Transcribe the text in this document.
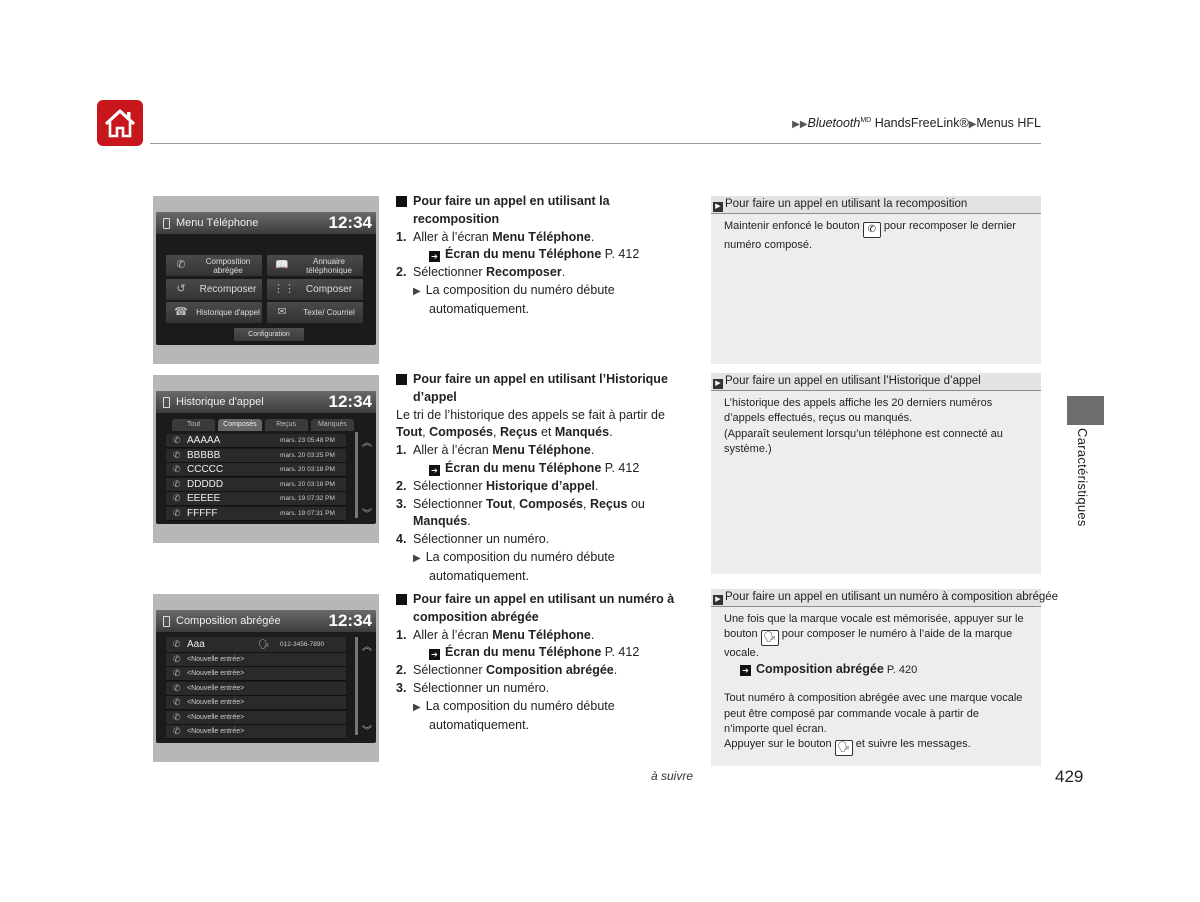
▶▶Bluetooth$^{MD}$ HandsFreeLink®▶Menus HFL
Caractéristiques
Menu Téléphone	12:34
✆	Composition abrégée	📖	Annuaire téléphonique
↺	Recomposer	⋮⋮	Composer
☎ Historique d'appel	✉	Texte/ Courriel
Configuration
Historique d'appel	12:34
Tout	Composés	Reçus	Manqués
✆ AAAAA	mars. 23 05:48 PM
✆ BBBBB	mars. 20 03:25 PM
✆ CCCCC	mars. 20 03:18 PM
✆ DDDDD	mars. 20 03:18 PM
✆ EEEEE	mars. 19 07:32 PM
✆ FFFFF	mars. 19 07:31 PM
︽
︾
Composition abrégée	12:34
✆ Aaa	🗣 012-3456-7890
✆ <Nouvelle entrée>
✆ <Nouvelle entrée>
✆ <Nouvelle entrée>
✆ <Nouvelle entrée>
✆ <Nouvelle entrée>
✆ <Nouvelle entrée>
︽
︾
Pour faire un appel en utilisant la recomposition
1. Aller à l’écran Menu Téléphone.
➔ Écran du menu Téléphone P. 412
2. Sélectionner Recomposer.
▶ La composition du numéro débute
automatiquement.
Pour faire un appel en utilisant l’Historique
d’appel
Le tri de l’historique des appels se fait à partir de
Tout, Composés, Reçus et Manqués.
1. Aller à l’écran Menu Téléphone.
➔ Écran du menu Téléphone P. 412
2. Sélectionner Historique d’appel.
3. Sélectionner Tout, Composés, Reçus ou
Manqués.
4. Sélectionner un numéro.
▶ La composition du numéro débute
automatiquement.
Pour faire un appel en utilisant un numéro à
composition abrégée
1. Aller à l’écran Menu Téléphone.
➔ Écran du menu Téléphone P. 412
2. Sélectionner Composition abrégée.
3. Sélectionner un numéro.
▶ La composition du numéro débute
automatiquement.
▶ Pour faire un appel en utilisant la recomposition
Maintenir enfoncé le bouton ✆ pour recomposer le dernier
numéro composé.
▶ Pour faire un appel en utilisant l’Historique d’appel
L’historique des appels affiche les 20 derniers numéros
d’appels effectués, reçus ou manqués.
(Apparaît seulement lorsqu’un téléphone est connecté au
système.)
▶ Pour faire un appel en utilisant un numéro à composition abrégée
Une fois que la marque vocale est mémorisée, appuyer sur le
bouton 🗣 pour composer le numéro à l’aide de la marque
vocale.
➔ Composition abrégée P. 420
Tout numéro à composition abrégée avec une marque vocale
peut être composé par commande vocale à partir de
n’importe quel écran.
Appuyer sur le bouton 🗣 et suivre les messages.
à suivre	429
